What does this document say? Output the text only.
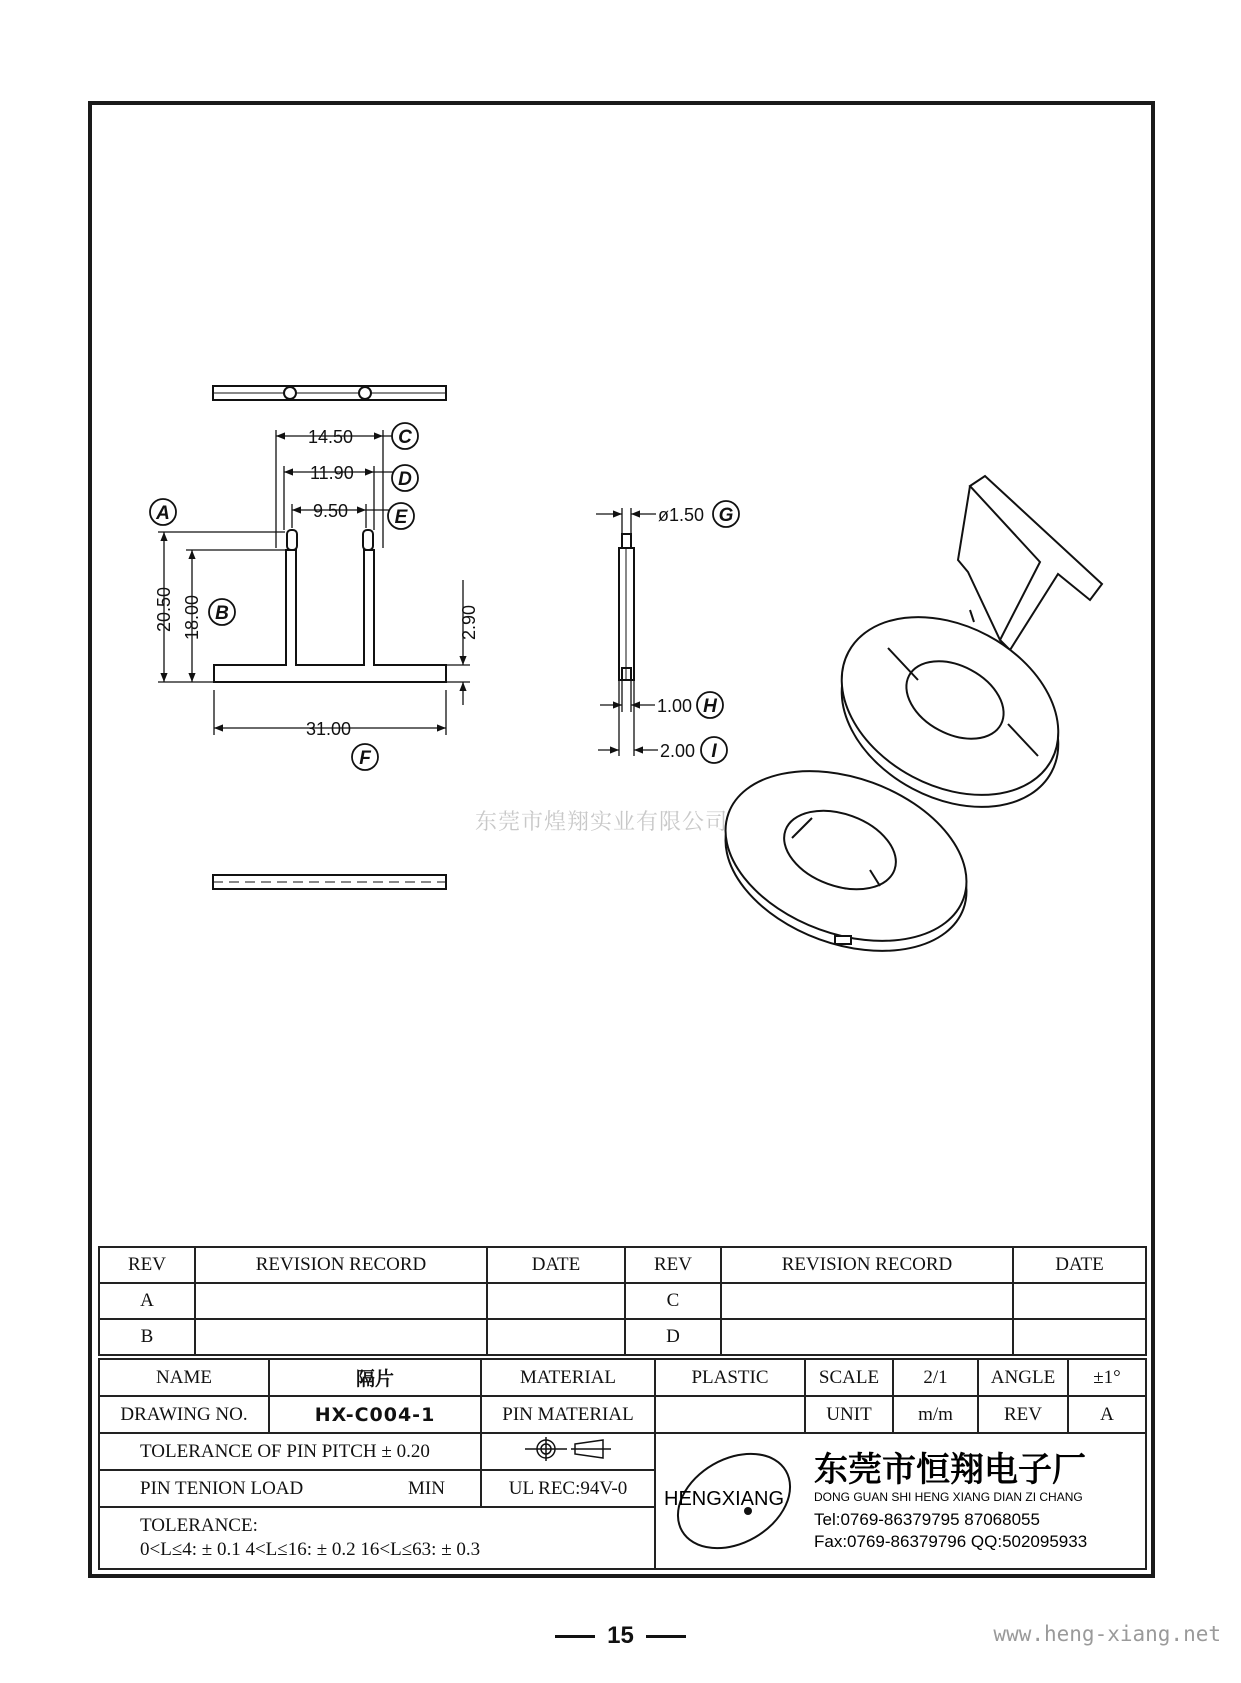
14.50
11.90
9.50
20.50 18.00	2.90
31.00
ø1.50
1.00
2.00
A
B
C
D
E
F
G
H
I
东莞市煌翔实业有限公司
REV	REVISION RECORD	DATE	REV	REVISION RECORD	DATE
A			C		
B			D		
NAME	隔片	MATERIAL	PLASTIC	SCALE	2/1	ANGLE	±1°
DRAWING NO.	HX-C004-1	PIN MATERIAL		UNIT	m/m	REV	A
TOLERANCE OF PIN PITCH ± 0.20			HENGXIANG
东莞市恒翔电子厂
DONG GUAN SHI HENG XIANG DIAN ZI CHANG
Tel:0769-86379795 87068055
Fax:0769-86379796 QQ:502095933				

PIN TENION LOAD MIN		UL REC:94V-0					

TOLERANCE:
0<L≤4: ± 0.1 4<L≤16: ± 0.2 16<L≤63: ± 0.3							
15	www.heng-xiang.net
